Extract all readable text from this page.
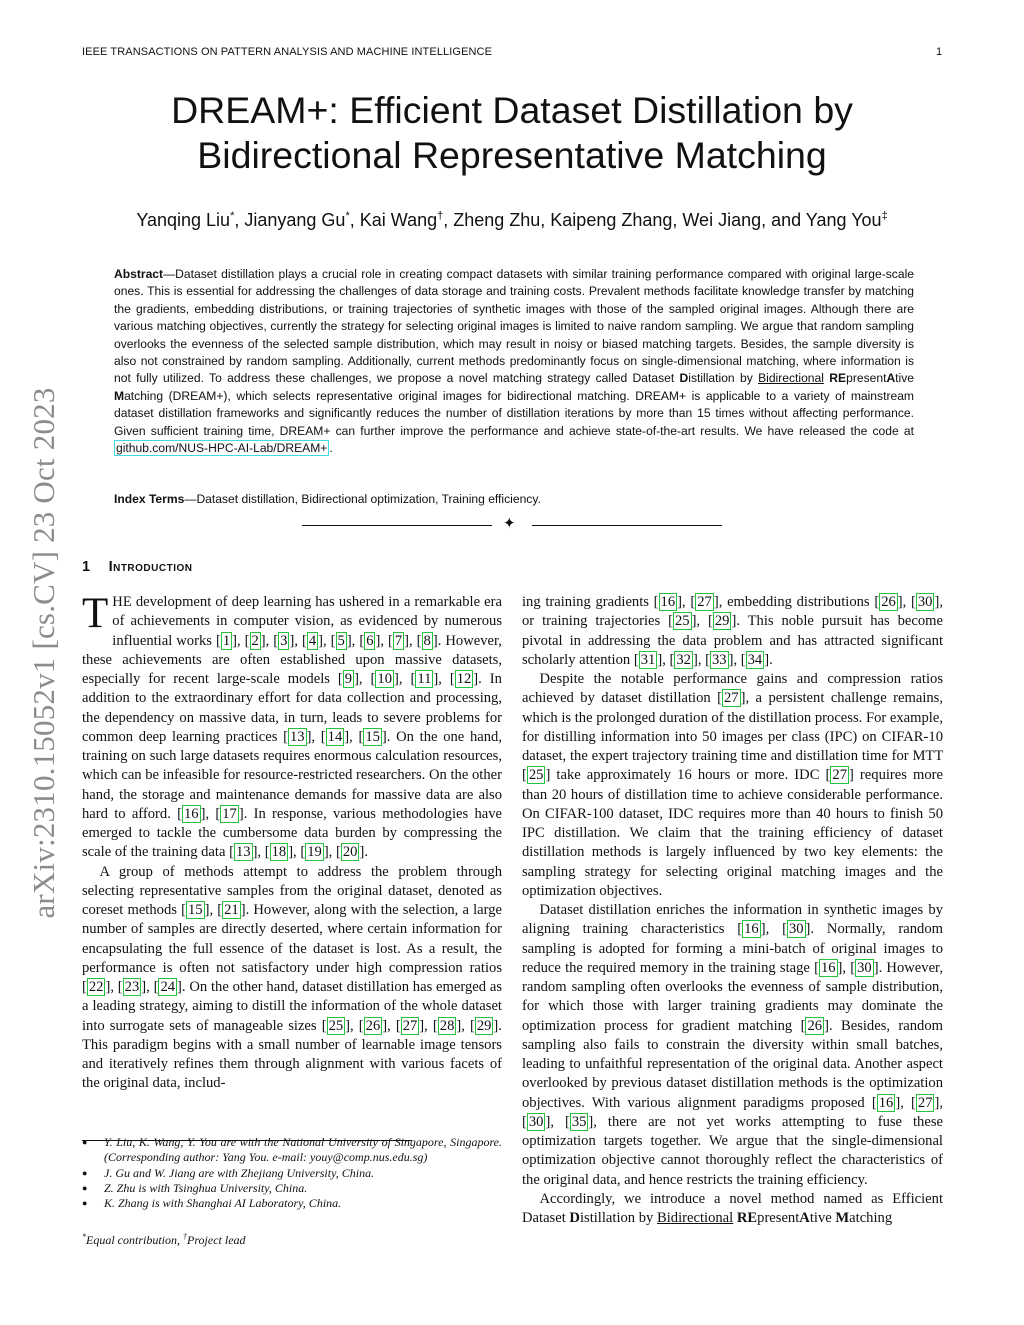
IEEE TRANSACTIONS ON PATTERN ANALYSIS AND MACHINE INTELLIGENCE	1
DREAM+: Efficient Dataset Distillation by
Bidirectional Representative Matching
Yanqing Liu*, Jianyang Gu*, Kai Wang†, Zheng Zhu, Kaipeng Zhang, Wei Jiang, and Yang You‡

Abstract—Dataset distillation plays a crucial role in creating compact datasets with similar training performance compared with original large-scale ones. This is essential for addressing the challenges of data storage and training costs. Prevalent methods facilitate knowledge transfer by matching the gradients, embedding distributions, or training trajectories of synthetic images with those of the sampled original images. Although there are various matching objectives, currently the strategy for selecting original images is limited to naive random sampling. We argue that random sampling overlooks the evenness of the selected sample distribution, which may result in noisy or biased matching targets. Besides, the sample diversity is also not constrained by random sampling. Additionally, current methods predominantly focus on single-dimensional matching, where information is not fully utilized. To address these challenges, we propose a novel matching strategy called Dataset Distillation by Bidirectional REpresentAtive Matching (DREAM+), which selects representative original images for bidirectional matching. DREAM+ is applicable to a variety of mainstream dataset distillation frameworks and significantly reduces the number of distillation iterations by more than 15 times without affecting performance. Given sufficient training time, DREAM+ can further improve the performance and achieve state-of-the-art results. We have released the code at github.com/NUS-HPC-AI-Lab/DREAM+ .

Index Terms—Dataset distillation, Bidirectional optimization, Training efficiency.

✦
arXiv:2310.15052v1 [cs.CV] 23 Oct 2023 1 Introduction

THE development of deep learning has ushered in a remarkable era of achievements in computer vision, as evidenced by numerous influential works [ 1 ], [ 2 ], [ 3 ], [ 4 ], [ 5 ], [ 6 ], [ 7 ], [ 8 ]. However, these achievements are often established upon massive datasets, especially for recent large-scale models [ 9 ], [ 10 ], [ 11 ], [ 12 ]. In addition to the extraordinary effort for data collection and processing, the dependency on massive data, in turn, leads to severe problems for common deep learning practices [ 13 ], [ 14 ], [ 15 ]. On the one hand, training on such large datasets requires enormous calculation resources, which can be infeasible for resource-restricted researchers. On the other hand, the storage and maintenance demands for massive data are also hard to afford. [ 16 ], [ 17 ]. In response, various methodologies have emerged to tackle the cumbersome data burden by compressing the scale of the training data [ 13 ], [ 18 ], [ 19 ], [ 20 ].

A group of methods attempt to address the problem through selecting representative samples from the original dataset, denoted as coreset methods [ 15 ], [ 21 ]. However, along with the selection, a large number of samples are directly deserted, where certain information for encapsulating the full essence of the dataset is lost. As a result, the performance is often not satisfactory under high compression ratios [ 22 ], [ 23 ], [ 24 ]. On the other hand, dataset distillation has emerged as a leading strategy, aiming to distill the information of the whole dataset into surrogate sets of manageable sizes [ 25 ], [ 26 ], [ 27 ], [ 28 ], [ 29 ]. This paradigm begins with a small number of learnable image tensors and iteratively refines them through alignment with various facets of the original data, includ-

● Y. Liu, K. Wang, Y. You are with the National University of Singapore, Singapore. (Corresponding author: Yang You. e-mail: youy@comp.nus.edu.sg)
● J. Gu and W. Jiang are with Zhejiang University, China.
● Z. Zhu is with Tsinghua University, China.
● K. Zhang is with Shanghai AI Laboratory, China.
*Equal contribution, †Project lead

ing training gradients [ 16 ], [ 27 ], embedding distributions [ 26 ], [ 30 ], or training trajectories [ 25 ], [ 29 ]. This noble pursuit has become pivotal in addressing the data problem and has attracted significant scholarly attention [ 31 ], [ 32 ], [ 33 ], [ 34 ].

Despite the notable performance gains and compression ratios achieved by dataset distillation [ 27 ], a persistent challenge remains, which is the prolonged duration of the distillation process. For example, for distilling information into 50 images per class (IPC) on CIFAR-10 dataset, the expert trajectory training time and distillation time for MTT [ 25 ] take approximately 16 hours or more. IDC [ 27 ] requires more than 20 hours of distillation time to achieve considerable performance. On CIFAR-100 dataset, IDC requires more than 40 hours to finish 50 IPC distillation. We claim that the training efficiency of dataset distillation methods is largely influenced by two key elements: the sampling strategy for selecting original matching images and the optimization objectives.

Dataset distillation enriches the information in synthetic images by aligning training characteristics [ 16 ], [ 30 ]. Normally, random sampling is adopted for forming a mini-batch of original images to reduce the required memory in the training stage [ 16 ], [ 30 ]. However, random sampling often overlooks the evenness of sample distribution, for which those with larger training gradients may dominate the optimization process for gradient matching [ 26 ]. Besides, random sampling also fails to constrain the diversity within small batches, leading to unfaithful representation of the original data. Another aspect overlooked by previous dataset distillation methods is the optimization objectives. With various alignment paradigms proposed [ 16 ], [ 27 ], [ 30 ], [ 35 ], there are not yet works attempting to fuse these optimization targets together. We argue that the single-dimensional optimization objective cannot thoroughly reflect the characteristics of the original data, and hence restricts the training efficiency.

Accordingly, we introduce a novel method named as Efficient Dataset Distillation by Bidirectional REpresentAtive Matching
